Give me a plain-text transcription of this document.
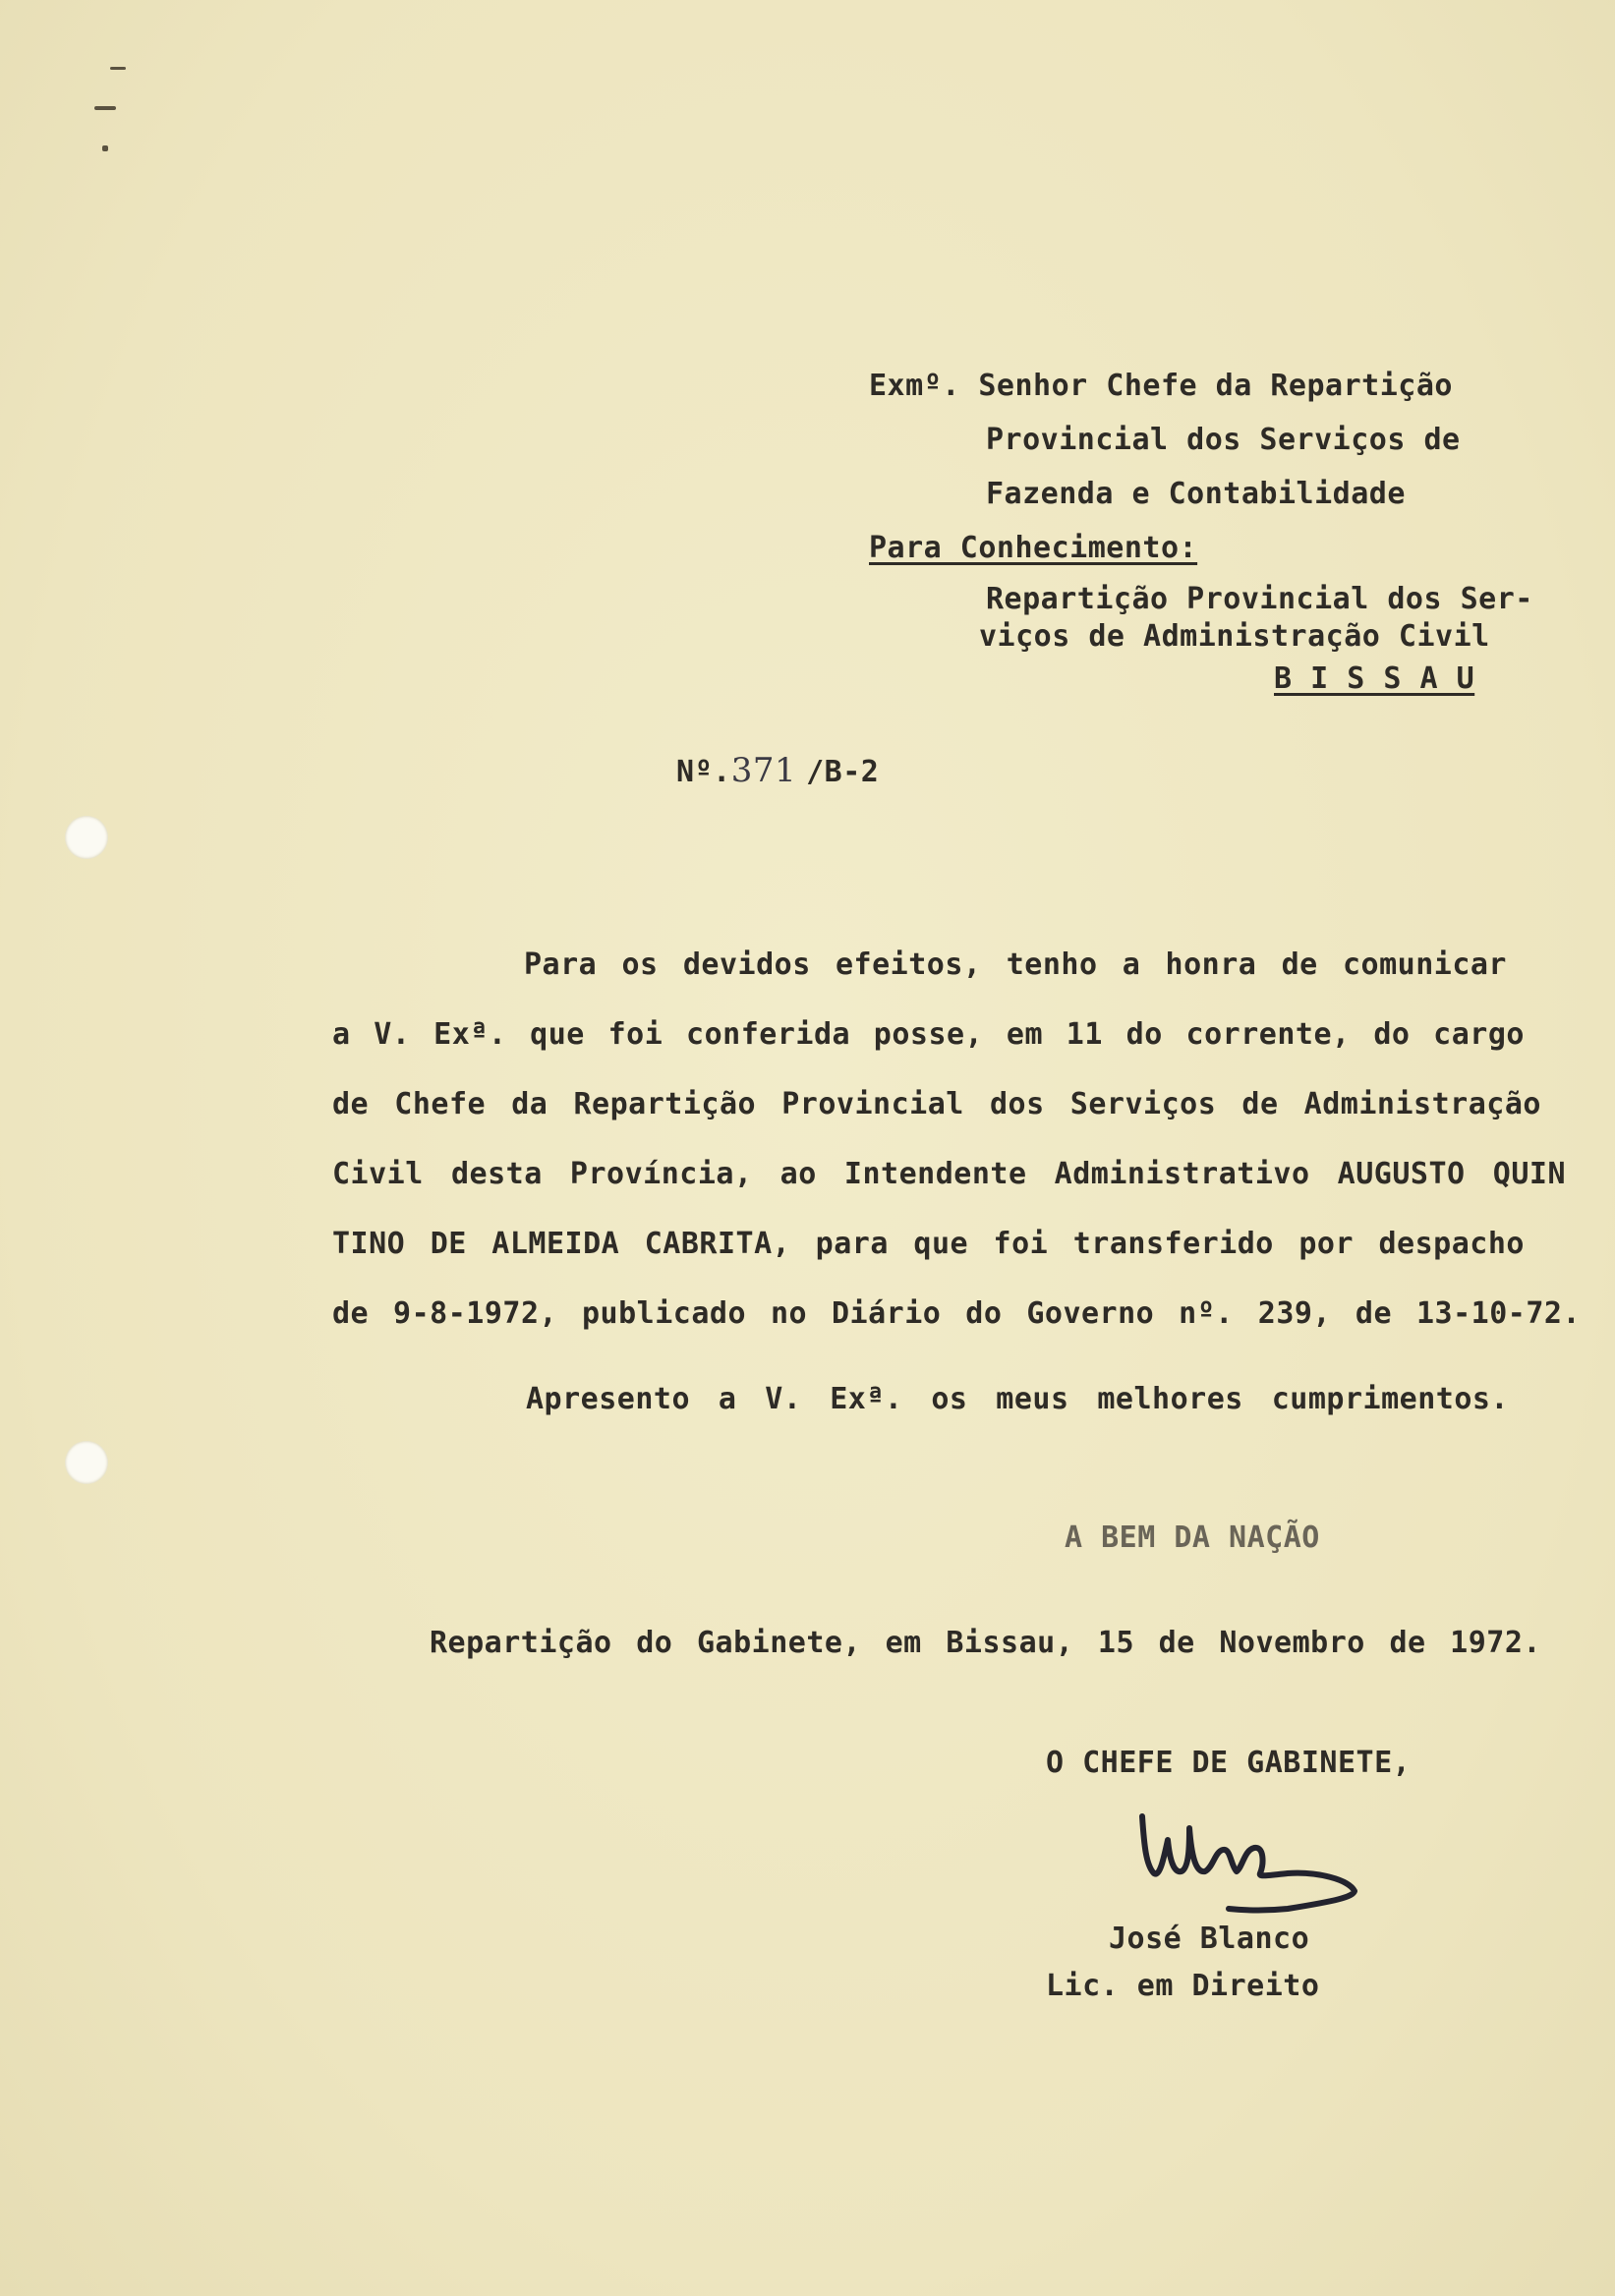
Exmº. Senhor Chefe da Repartição
Provincial dos Serviços de
Fazenda e Contabilidade
Para Conhecimento:
Repartição Provincial dos Ser-
viços de Administração Civil
B I S S A U
Nº.371 /B-2
Para os devidos efeitos, tenho a honra de comunicar
a V. Exª. que foi conferida posse, em 11 do corrente, do cargo
de Chefe da Repartição Provincial dos Serviços de Administração
Civil desta Província, ao Intendente Administrativo AUGUSTO QUIN
TINO DE ALMEIDA CABRITA, para que foi transferido por despacho
de 9-8-1972, publicado no Diário do Governo nº. 239, de 13-10-72.
Apresento a V. Exª. os meus melhores cumprimentos.
A BEM DA NAÇÃO
Repartição do Gabinete, em Bissau, 15 de Novembro de 1972.
O CHEFE DE GABINETE,
José Blanco
Lic. em Direito
